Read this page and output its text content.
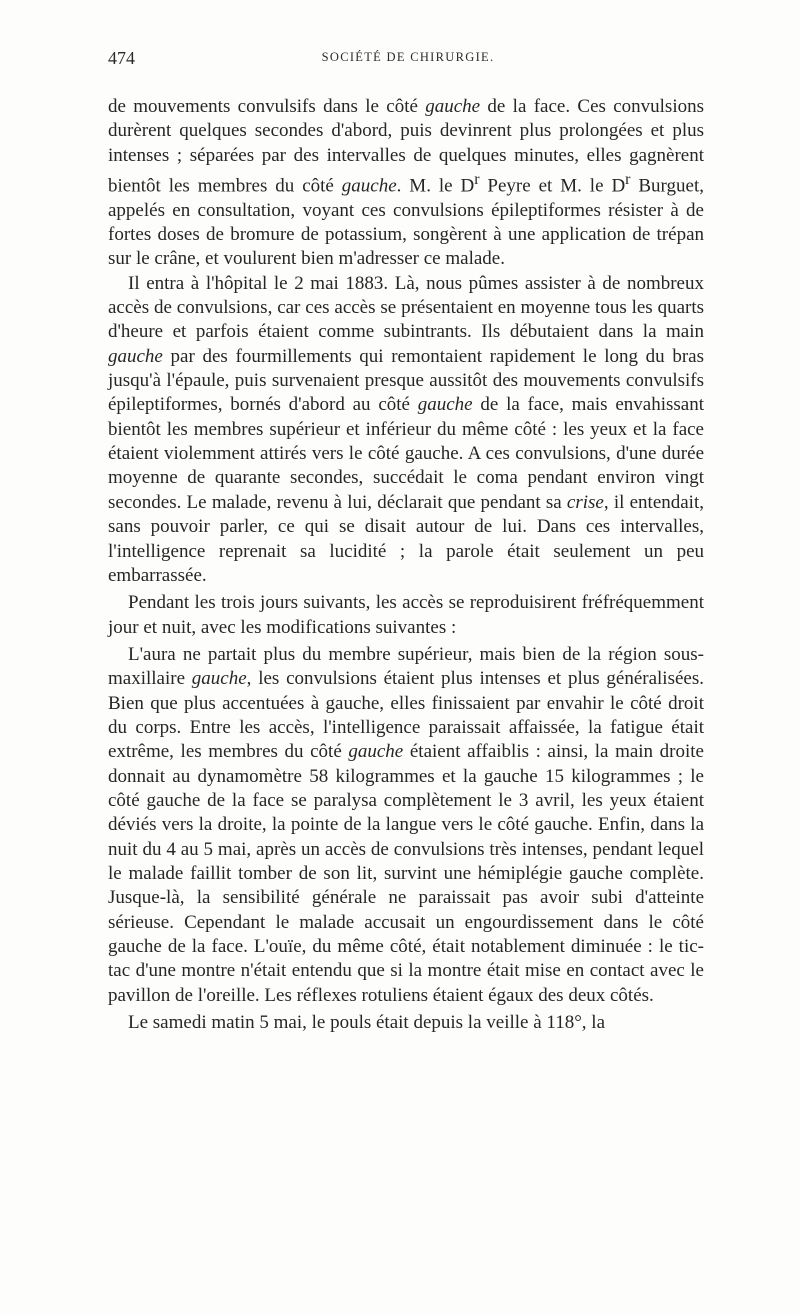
474	SOCIÉTÉ DE CHIRURGIE.

de mouvements convulsifs dans le côté gauche de la face. Ces convulsions durèrent quelques secondes d'abord, puis devinrent plus prolongées et plus intenses ; séparées par des intervalles de quelques minutes, elles gagnèrent bientôt les membres du côté gauche. M. le $D^r$ Peyre et M. le $D^r$ Burguet, appelés en consultation, voyant ces convulsions épileptiformes résister à de fortes doses de bromure de potassium, songèrent à une application de trépan sur le crâne, et voulurent bien m'adresser ce malade.

Il entra à l'hôpital le 2 mai 1883. Là, nous pûmes assister à de nombreux accès de convulsions, car ces accès se présentaient en moyenne tous les quarts d'heure et parfois étaient comme subintrants. Ils débutaient dans la main gauche par des fourmillements qui remontaient rapidement le long du bras jusqu'à l'épaule, puis survenaient presque aussitôt des mouvements convulsifs épileptiformes, bornés d'abord au côté gauche de la face, mais envahissant bientôt les membres supérieur et inférieur du même côté : les yeux et la face étaient violemment attirés vers le côté gauche. A ces convulsions, d'une durée moyenne de quarante secondes, succédait le coma pendant environ vingt secondes. Le malade, revenu à lui, déclarait que pendant sa crise, il entendait, sans pouvoir parler, ce qui se disait autour de lui. Dans ces intervalles, l'intelligence reprenait sa lucidité ; la parole était seulement un peu embarrassée.

Pendant les trois jours suivants, les accès se reproduisirent fréfréquemment jour et nuit, avec les modifications suivantes :

L'aura ne partait plus du membre supérieur, mais bien de la région sous-maxillaire gauche, les convulsions étaient plus intenses et plus généralisées. Bien que plus accentuées à gauche, elles finissaient par envahir le côté droit du corps. Entre les accès, l'intelligence paraissait affaissée, la fatigue était extrême, les membres du côté gauche étaient affaiblis : ainsi, la main droite donnait au dynamomètre 58 kilogrammes et la gauche 15 kilogrammes ; le côté gauche de la face se paralysa complètement le 3 avril, les yeux étaient déviés vers la droite, la pointe de la langue vers le côté gauche. Enfin, dans la nuit du 4 au 5 mai, après un accès de convulsions très intenses, pendant lequel le malade faillit tomber de son lit, survint une hémiplégie gauche complète. Jusque-là, la sensibilité générale ne paraissait pas avoir subi d'atteinte sérieuse. Cependant le malade accusait un engourdissement dans le côté gauche de la face. L'ouïe, du même côté, était notablement diminuée : le tic-tac d'une montre n'était entendu que si la montre était mise en contact avec le pavillon de l'oreille. Les réflexes rotuliens étaient égaux des deux côtés.

Le samedi matin 5 mai, le pouls était depuis la veille à 118°, la
